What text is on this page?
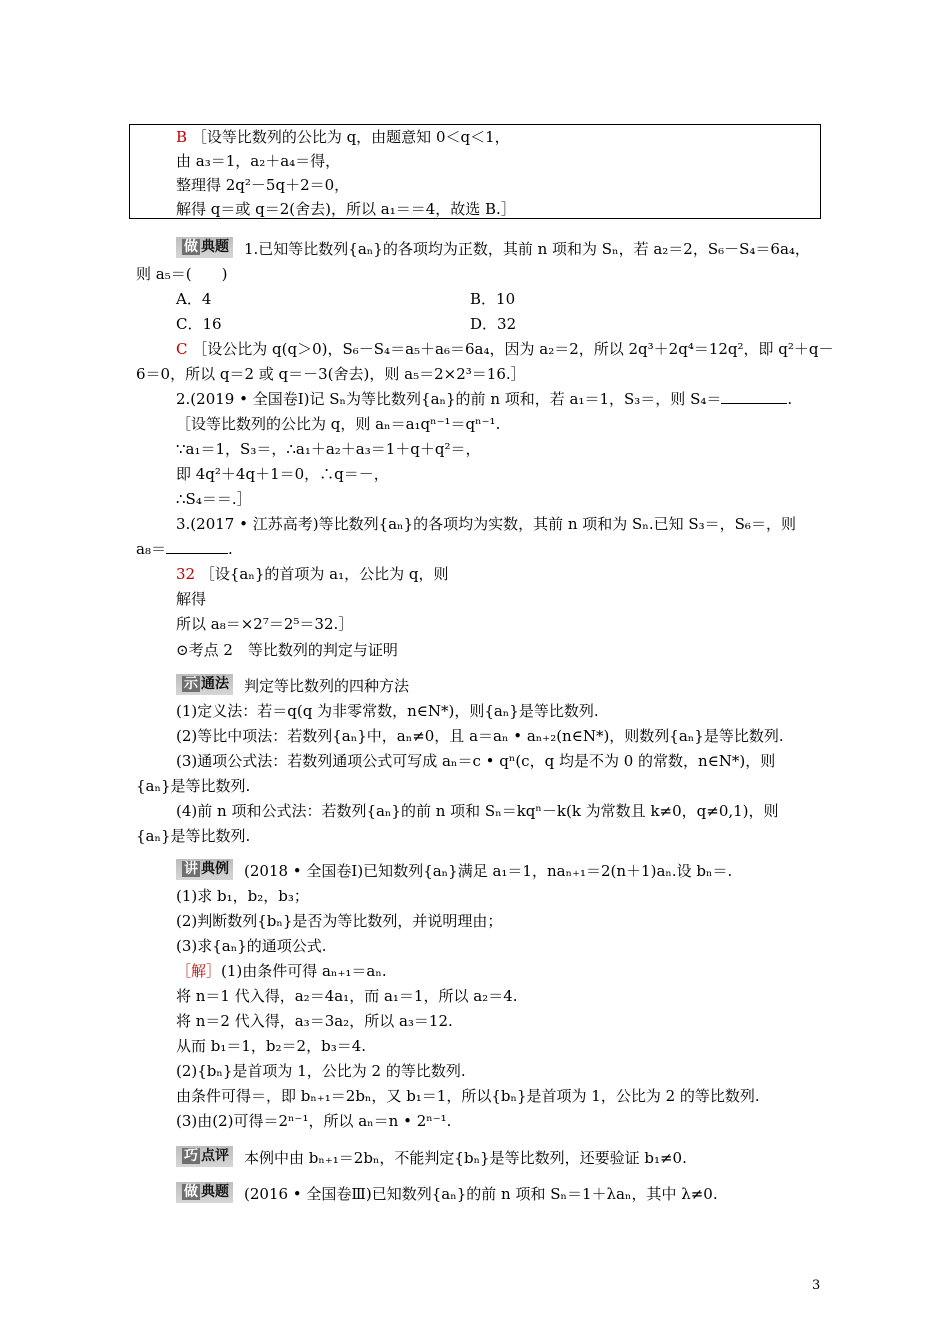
B ［设等比数列的公比为 q，由题意知 0＜q＜1，
由 a₃＝1，a₂＋a₄＝得，
整理得 2q²－5q＋2＝0，
解得 q＝或 q＝2(舍去)，所以 a₁＝＝4，故选 B.］
做 典题 1.已知等比数列{aₙ}的各项均为正数，其前 n 项和为 Sₙ，若 a₂＝2，S₆－S₄＝6a₄，
则 a₅＝(　　)
A．4	B．10
C．16	D．32
C ［设公比为 q(q＞0)，S₆－S₄＝a₅＋a₆＝6a₄，因为 a₂＝2，所以 2q³＋2q⁴＝12q²，即 q²＋q－
6＝0，所以 q＝2 或 q＝－3(舍去)，则 a₅＝2×2³＝16.］
2.(2019 • 全国卷Ⅰ)记 Sₙ为等比数列{aₙ}的前 n 项和，若 a₁＝1，S₃＝，则 S₄＝	.
［设等比数列的公比为 q，则 aₙ＝a₁qⁿ⁻¹＝qⁿ⁻¹.
∵a₁＝1，S₃＝，∴a₁＋a₂＋a₃＝1＋q＋q²＝，
即 4q²＋4q＋1＝0，∴q＝－，
∴S₄＝＝.］
3.(2017 • 江苏高考)等比数列{aₙ}的各项均为实数，其前 n 项和为 Sₙ.已知 S₃＝，S₆＝，则
a₈＝	.
32 ［设{aₙ}的首项为 a₁，公比为 q，则
解得
所以 a₈＝×2⁷＝2⁵＝32.］
⊙考点 2　等比数列的判定与证明
示 通法 判定等比数列的四种方法
(1)定义法：若＝q(q 为非零常数，n∈N*)，则{aₙ}是等比数列.
(2)等比中项法：若数列{aₙ}中，aₙ≠0，且 a＝aₙ • aₙ₊₂(n∈N*)，则数列{aₙ}是等比数列.
(3)通项公式法：若数列通项公式可写成 aₙ＝c • qⁿ(c，q 均是不为 0 的常数，n∈N*)，则
{aₙ}是等比数列.
(4)前 n 项和公式法：若数列{aₙ}的前 n 项和 Sₙ＝kqⁿ－k(k 为常数且 k≠0，q≠0,1)，则
{aₙ}是等比数列.
讲 典例 (2018 • 全国卷Ⅰ)已知数列{aₙ}满足 a₁＝1，naₙ₊₁＝2(n＋1)aₙ.设 bₙ＝.
(1)求 b₁，b₂，b₃；
(2)判断数列{bₙ}是否为等比数列，并说明理由；
(3)求{aₙ}的通项公式.
［解］(1)由条件可得 aₙ₊₁＝aₙ.
将 n＝1 代入得，a₂＝4a₁，而 a₁＝1，所以 a₂＝4.
将 n＝2 代入得，a₃＝3a₂，所以 a₃＝12.
从而 b₁＝1，b₂＝2，b₃＝4.
(2){bₙ}是首项为 1，公比为 2 的等比数列.
由条件可得＝，即 bₙ₊₁＝2bₙ，又 b₁＝1，所以{bₙ}是首项为 1，公比为 2 的等比数列.
(3)由(2)可得＝2ⁿ⁻¹，所以 aₙ＝n • 2ⁿ⁻¹.
巧 点评 本例中由 bₙ₊₁＝2bₙ，不能判定{bₙ}是等比数列，还要验证 b₁≠0.
做 典题 (2016 • 全国卷Ⅲ)已知数列{aₙ}的前 n 项和 Sₙ＝1＋λaₙ，其中 λ≠0.
3
